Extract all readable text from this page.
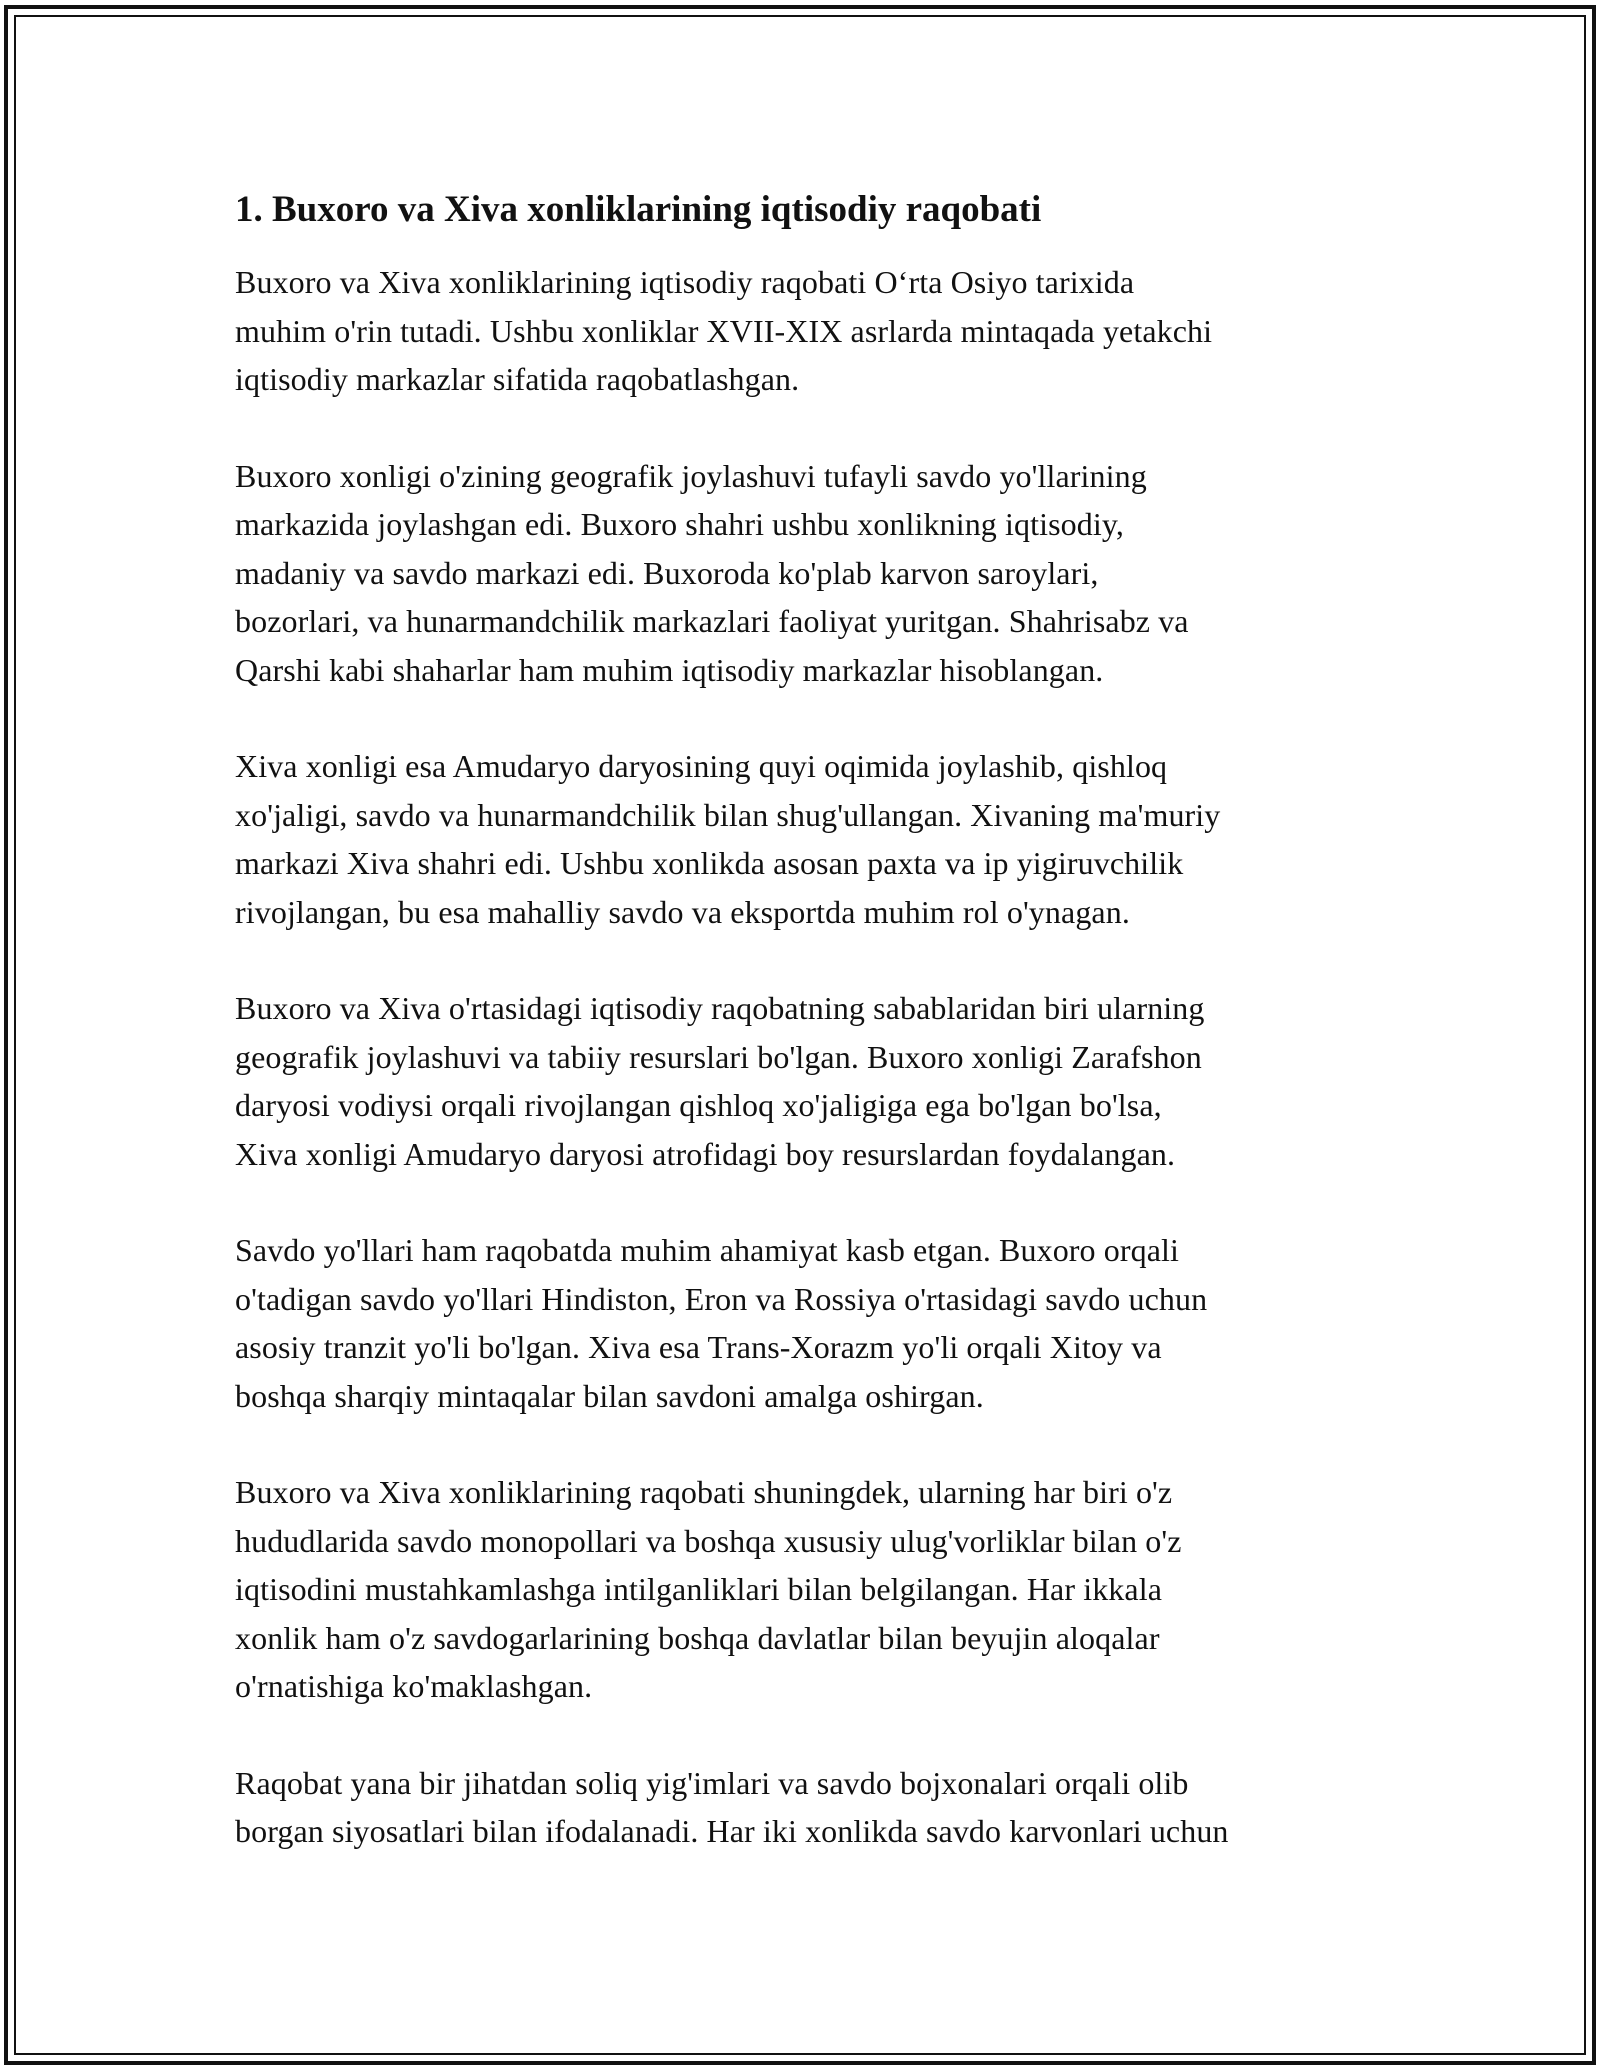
1. Buxoro va Xiva xonliklarining iqtisodiy raqobati

Buxoro va Xiva xonliklarining iqtisodiy raqobati O‘rta Osiyo tarixida
muhim o'rin tutadi. Ushbu xonliklar XVII-XIX asrlarda mintaqada yetakchi
iqtisodiy markazlar sifatida raqobatlashgan.

Buxoro xonligi o'zining geografik joylashuvi tufayli savdo yo'llarining
markazida joylashgan edi. Buxoro shahri ushbu xonlikning iqtisodiy,
madaniy va savdo markazi edi. Buxoroda ko'plab karvon saroylari,
bozorlari, va hunarmandchilik markazlari faoliyat yuritgan. Shahrisabz va
Qarshi kabi shaharlar ham muhim iqtisodiy markazlar hisoblangan.

Xiva xonligi esa Amudaryo daryosining quyi oqimida joylashib, qishloq
xo'jaligi, savdo va hunarmandchilik bilan shug'ullangan. Xivaning ma'muriy
markazi Xiva shahri edi. Ushbu xonlikda asosan paxta va ip yigiruvchilik
rivojlangan, bu esa mahalliy savdo va eksportda muhim rol o'ynagan.

Buxoro va Xiva o'rtasidagi iqtisodiy raqobatning sabablaridan biri ularning
geografik joylashuvi va tabiiy resurslari bo'lgan. Buxoro xonligi Zarafshon
daryosi vodiysi orqali rivojlangan qishloq xo'jaligiga ega bo'lgan bo'lsa,
Xiva xonligi Amudaryo daryosi atrofidagi boy resurslardan foydalangan.

Savdo yo'llari ham raqobatda muhim ahamiyat kasb etgan. Buxoro orqali
o'tadigan savdo yo'llari Hindiston, Eron va Rossiya o'rtasidagi savdo uchun
asosiy tranzit yo'li bo'lgan. Xiva esa Trans-Xorazm yo'li orqali Xitoy va
boshqa sharqiy mintaqalar bilan savdoni amalga oshirgan.

Buxoro va Xiva xonliklarining raqobati shuningdek, ularning har biri o'z
hududlarida savdo monopollari va boshqa xususiy ulug'vorliklar bilan o'z
iqtisodini mustahkamlashga intilganliklari bilan belgilangan. Har ikkala
xonlik ham o'z savdogarlarining boshqa davlatlar bilan beyujin aloqalar
o'rnatishiga ko'maklashgan.

Raqobat yana bir jihatdan soliq yig'imlari va savdo bojxonalari orqali olib
borgan siyosatlari bilan ifodalanadi. Har iki xonlikda savdo karvonlari uchun
